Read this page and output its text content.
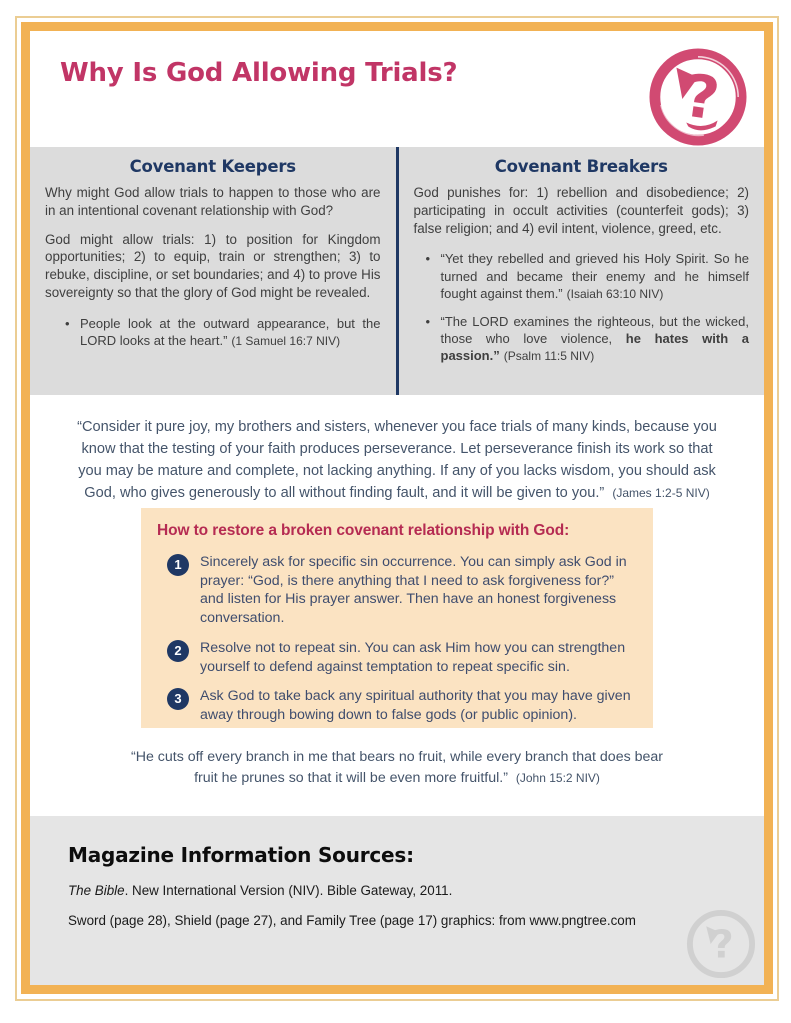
Why Is God Allowing Trials?	?
Covenant Keepers

Why might God allow trials to happen to those who are in an intentional covenant relationship with God?

God might allow trials: 1) to position for Kingdom opportunities; 2) to equip, train or strengthen; 3) to rebuke, discipline, or set boundaries; and 4) to prove His sovereignty so that the glory of God might be revealed.

• People look at the outward appearance, but the LORD looks at the heart.” (1 Samuel 16:7 NIV)
Covenant Breakers

God punishes for: 1) rebellion and disobedience; 2) participating in occult activities (counterfeit gods); 3) false religion; and 4) evil intent, violence, greed, etc.

• “Yet they rebelled and grieved his Holy Spirit. So he turned and became their enemy and he himself fought against them.” (Isaiah 63:10 NIV)
• “The LORD examines the righteous, but the wicked, those who love violence, he hates with a passion.” (Psalm 11:5 NIV)
“Consider it pure joy, my brothers and sisters, whenever you face trials of many kinds, because you know that the testing of your faith produces perseverance. Let perseverance finish its work so that you may be mature and complete, not lacking anything. If any of you lacks wisdom, you should ask God, who gives generously to all without finding fault, and it will be given to you.” (James 1:2-5 NIV)
How to restore a broken covenant relationship with God:
1	Sincerely ask for specific sin occurrence. You can simply ask God in prayer: “God, is there anything that I need to ask forgiveness for?” and listen for His prayer answer. Then have an honest forgiveness conversation.
2	Resolve not to repeat sin. You can ask Him how you can strengthen yourself to defend against temptation to repeat specific sin.
3	Ask God to take back any spiritual authority that you may have given away through bowing down to false gods (or public opinion).
“He cuts off every branch in me that bears no fruit, while every branch that does bear fruit he prunes so that it will be even more fruitful.” (John 15:2 NIV)
Magazine Information Sources:
The Bible. New International Version (NIV). Bible Gateway, 2011.
Sword (page 28), Shield (page 27), and Family Tree (page 17) graphics: from www.pngtree.com
?
